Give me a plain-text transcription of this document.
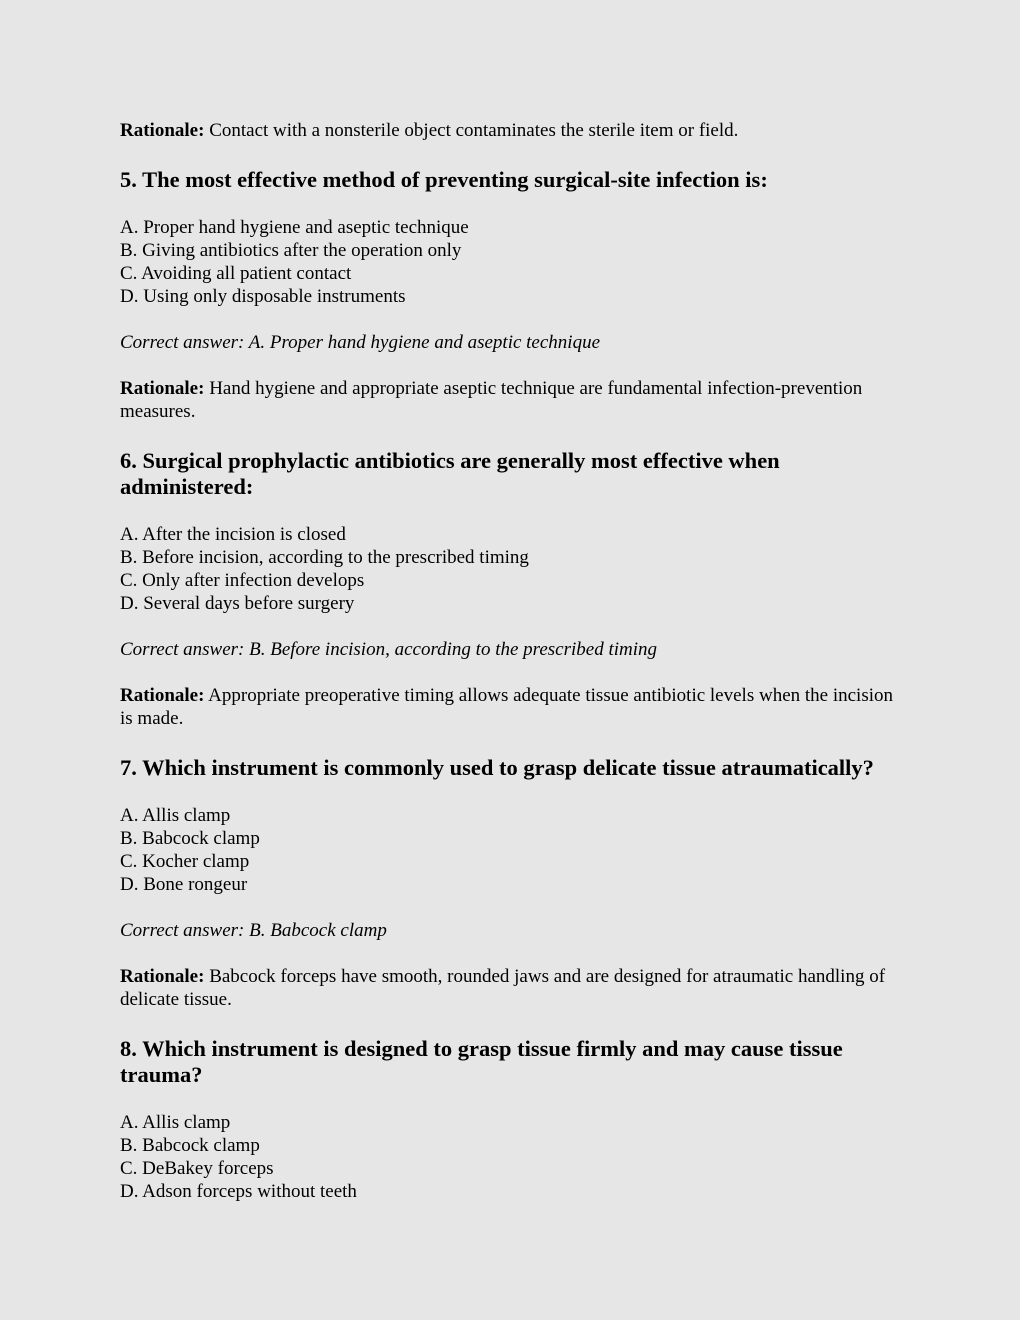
Rationale: Contact with a nonsterile object contaminates the sterile item or field.

5. The most effective method of preventing surgical-site infection is:
A. Proper hand hygiene and aseptic technique
B. Giving antibiotics after the operation only
C. Avoiding all patient contact
D. Using only disposable instruments

Correct answer: A. Proper hand hygiene and aseptic technique

Rationale: Hand hygiene and appropriate aseptic technique are fundamental infection-prevention measures.

6. Surgical prophylactic antibiotics are generally most effective when administered:
A. After the incision is closed
B. Before incision, according to the prescribed timing
C. Only after infection develops
D. Several days before surgery

Correct answer: B. Before incision, according to the prescribed timing

Rationale: Appropriate preoperative timing allows adequate tissue antibiotic levels when the incision is made.

7. Which instrument is commonly used to grasp delicate tissue atraumatically?
A. Allis clamp
B. Babcock clamp
C. Kocher clamp
D. Bone rongeur

Correct answer: B. Babcock clamp

Rationale: Babcock forceps have smooth, rounded jaws and are designed for atraumatic handling of delicate tissue.

8. Which instrument is designed to grasp tissue firmly and may cause tissue trauma?
A. Allis clamp
B. Babcock clamp
C. DeBakey forceps
D. Adson forceps without teeth
